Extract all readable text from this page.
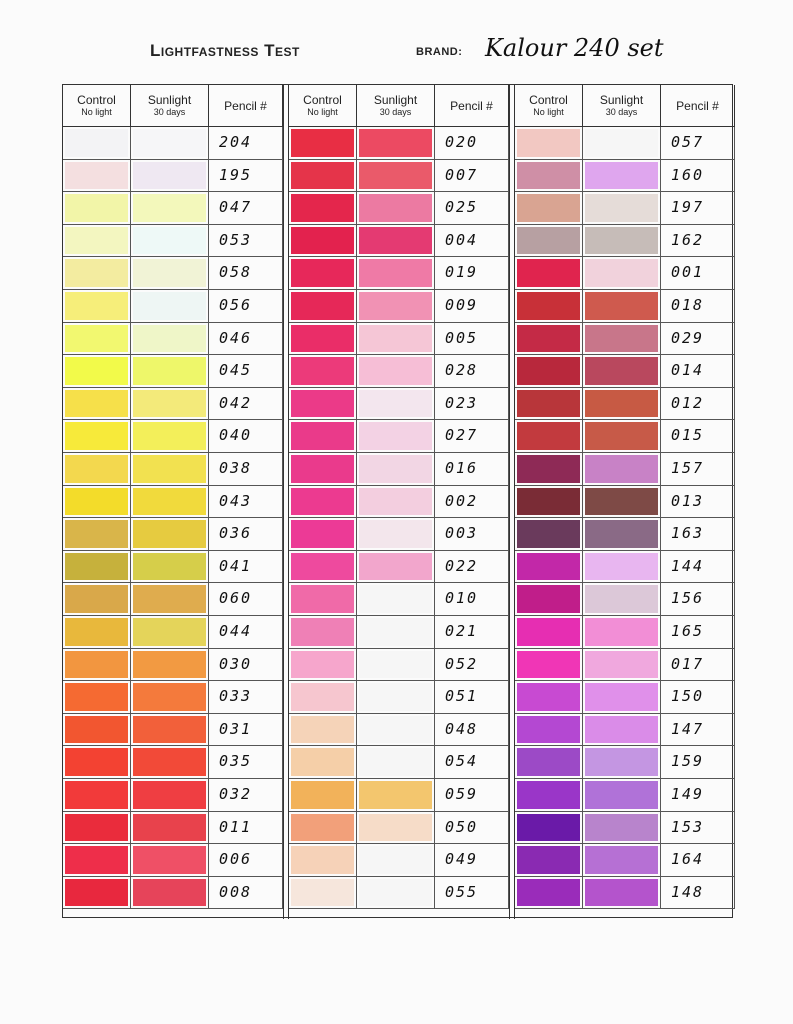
Lightfastness Test	BRAND: Kalour 240 set
Control
No light
Sunlight
30 days	Pencil #
204
195
047
053
058
056
046
045
042
040
038
043
036
041
060
044
030
033
031
035
032
011
006
008
Control
No light
Sunlight
30 days	Pencil #
020
007
025
004
019
009
005
028
023
027
016
002
003
022
010
021
052
051
048
054
059
050
049
055
Control
No light
Sunlight
30 days	Pencil #
057
160
197
162
001
018
029
014
012
015
157
013
163
144
156
165
017
150
147
159
149
153
164
148
